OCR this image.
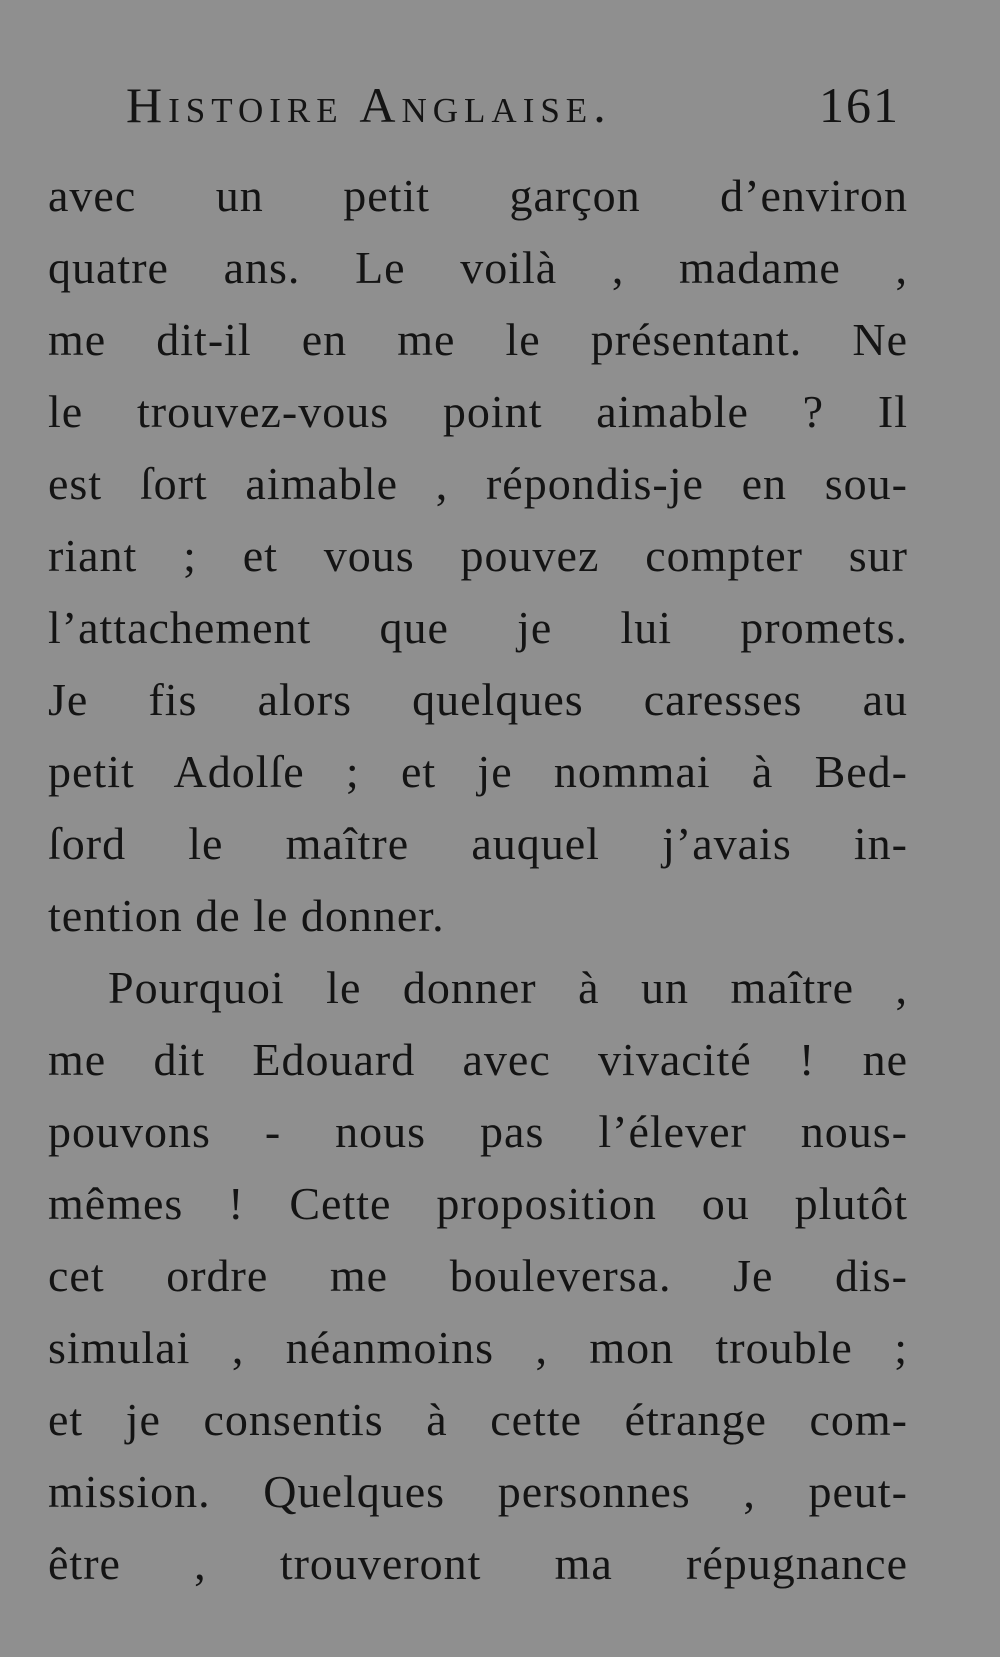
Histoire Anglaise.	161
avec un petit garçon d’environ
quatre ans. Le voilà , madame ,
me dit-il en me le présentant. Ne
le trouvez-vous point aimable ? Il
est ſort aimable , répondis-je en sou-
riant ; et vous pouvez compter sur
l’attachement que je lui promets.
Je fis alors quelques caresses au
petit Adolſe ; et je nommai à Bed-
ſord le maître auquel j’avais in-
tention de le donner.
Pourquoi le donner à un maître ,
me dit Edouard avec vivacité ! ne
pouvons - nous pas l’élever nous-
mêmes ! Cette proposition ou plutôt
cet ordre me bouleversa. Je dis-
simulai , néanmoins , mon trouble ;
et je consentis à cette étrange com-
mission. Quelques personnes , peut-
être , trouveront ma répugnance
